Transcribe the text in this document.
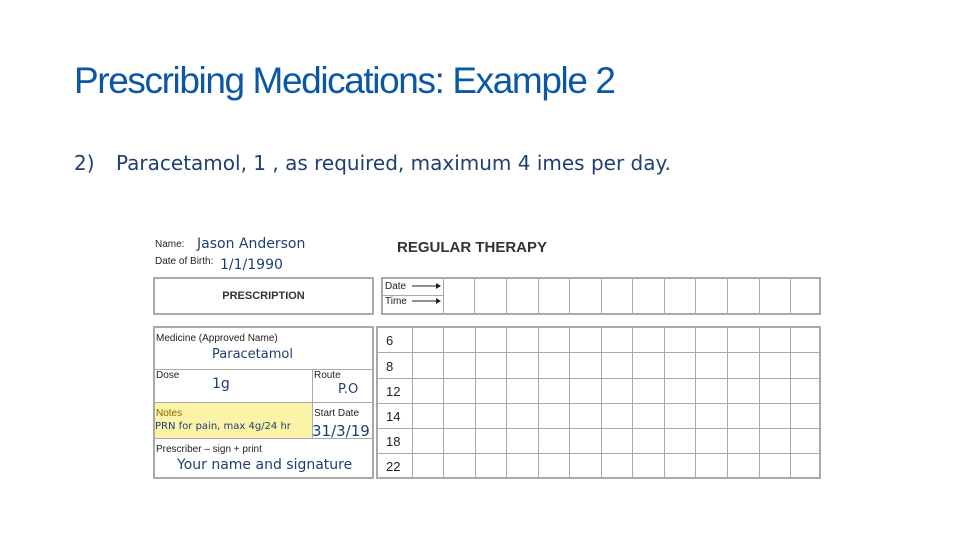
Prescribing Medications: Example 2
2) Paracetamol, 1 , as required, maximum 4 imes per day.
Name:
Date of Birth:
Jason Anderson
1/1/1990
REGULAR THERAPY
PRESCRIPTION
Date
Time
Medicine (Approved Name)
Paracetamol
Dose
1g
Route
P.O
Notes
PRN for pain, max 4g/24 hr
Start Date
31/3/19
Prescriber – sign + print
Your name and signature
6
8
12
14
18
22
